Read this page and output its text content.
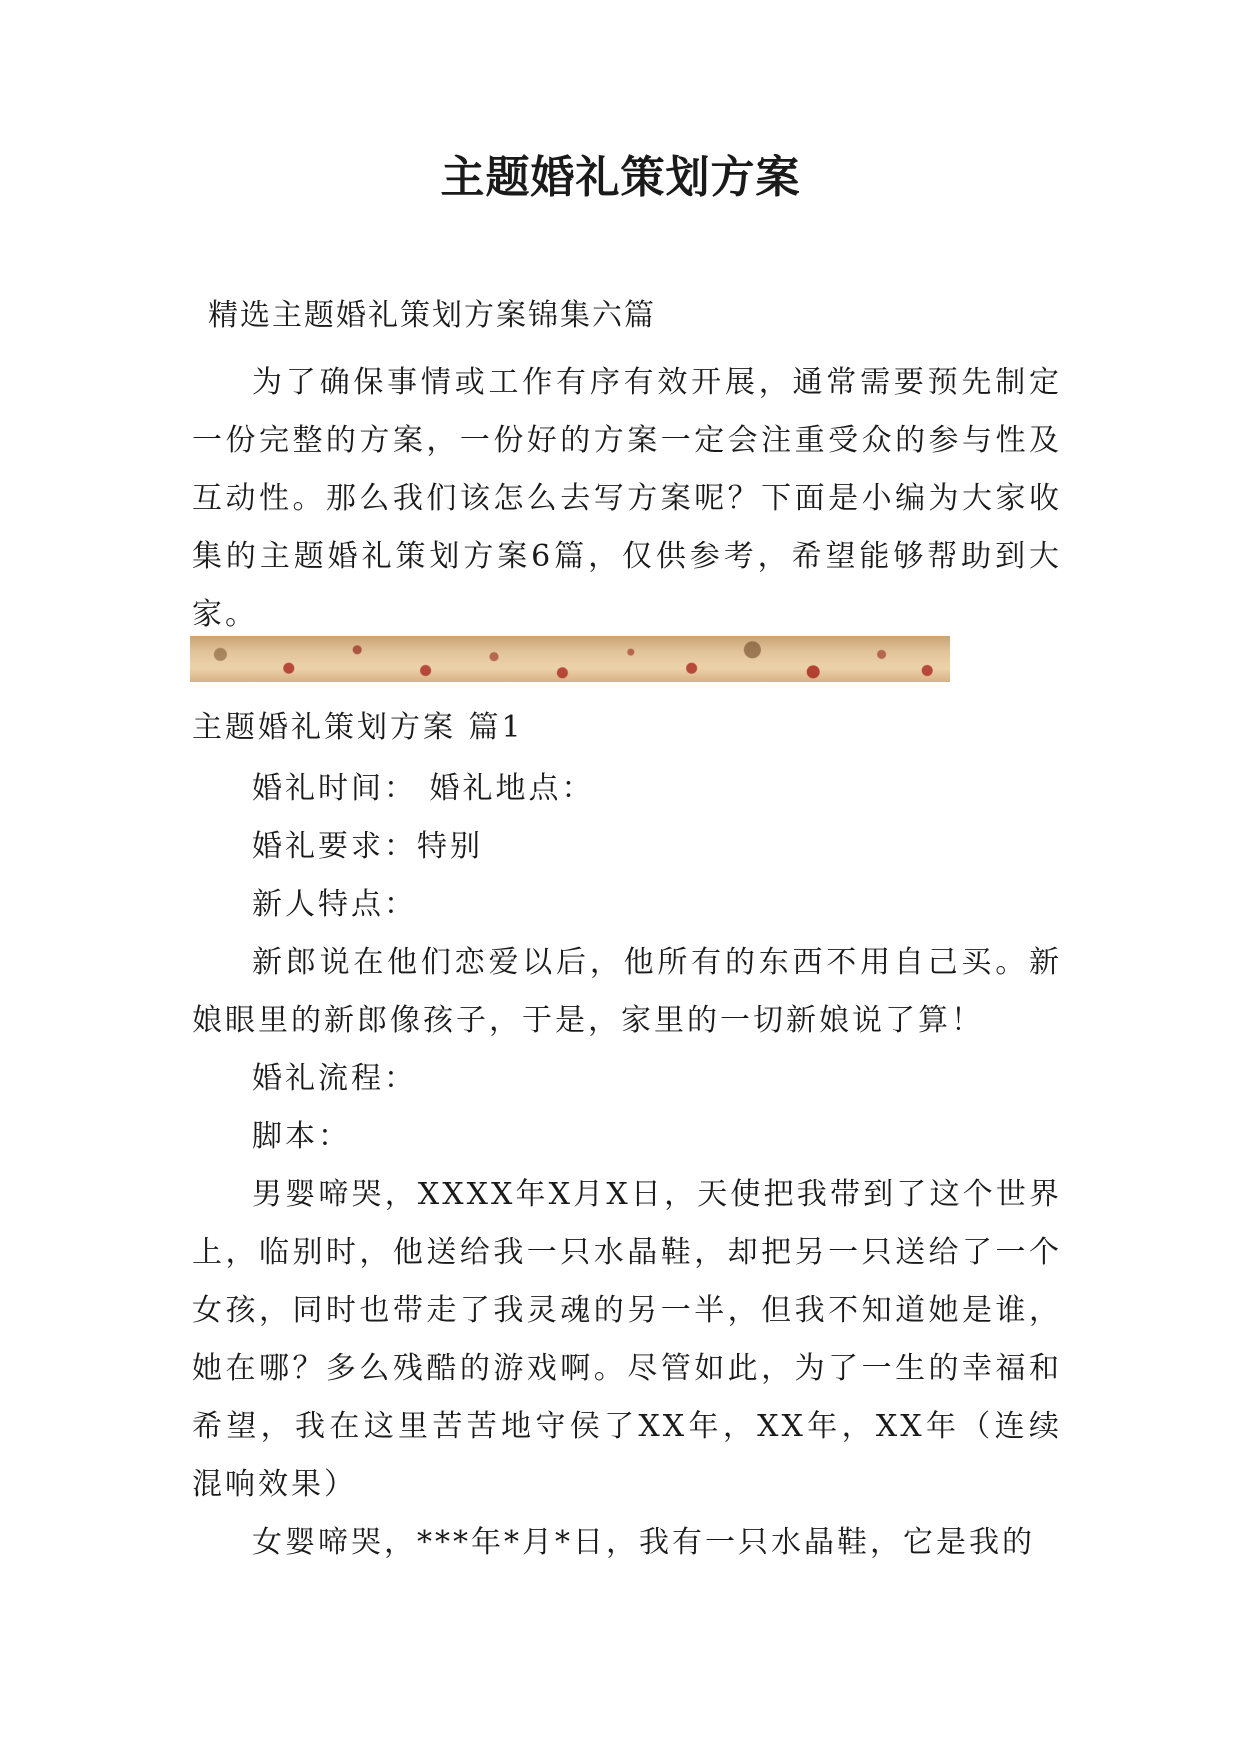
主题婚礼策划方案
精选主题婚礼策划方案锦集六篇

为了确保事情或工作有序有效开展，通常需要预先制定一份完整的方案，一份好的方案一定会注重受众的参与性及互动性。那么我们该怎么去写方案呢？下面是小编为大家收集的主题婚礼策划方案6篇，仅供参考，希望能够帮助到大家。

主题婚礼策划方案 篇1

婚礼时间： 婚礼地点：

婚礼要求：特别

新人特点：

新郎说在他们恋爱以后，他所有的东西不用自己买。新娘眼里的新郎像孩子，于是，家里的一切新娘说了算！

婚礼流程：

脚本：

男婴啼哭，XXXX年X月X日，天使把我带到了这个世界上，临别时，他送给我一只水晶鞋，却把另一只送给了一个女孩，同时也带走了我灵魂的另一半，但我不知道她是谁，她在哪？多么残酷的游戏啊。尽管如此，为了一生的幸福和希望，我在这里苦苦地守侯了XX年，XX年，XX年（连续混响效果）

女婴啼哭，***年*月*日，我有一只水晶鞋，它是我的
